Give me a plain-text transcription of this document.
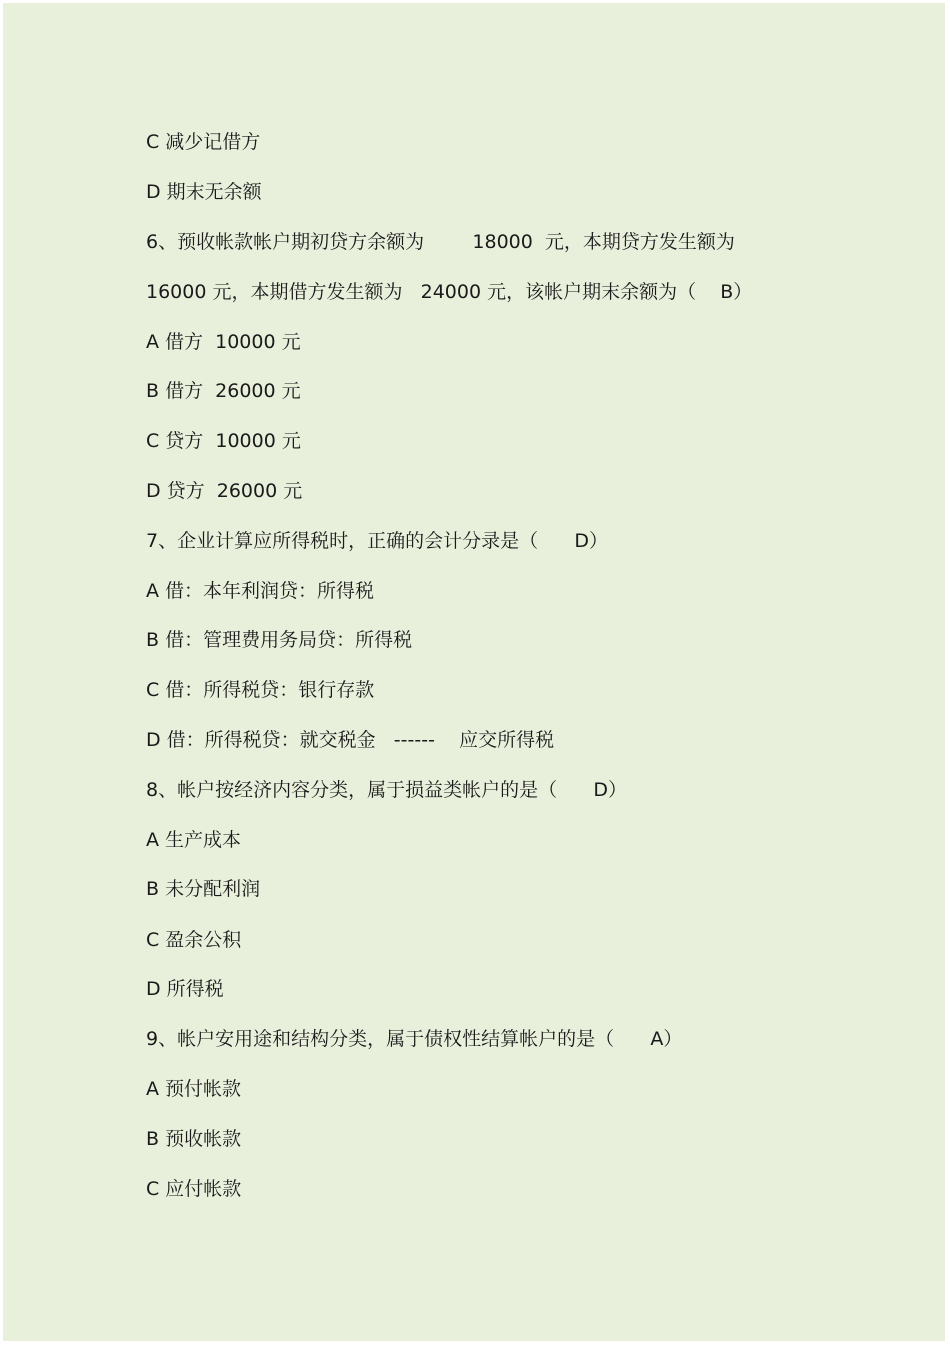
C 减少记借方
D 期末无余额
6、预收帐款帐户期初贷方余额为        18000  元，本期贷方发生额为
16000 元，本期借方发生额为   24000 元，该帐户期末余额为（    B）
A 借方  10000 元
B 借方  26000 元
C 贷方  10000 元
D 贷方  26000 元
7、企业计算应所得税时，正确的会计分录是（      D）
A 借：本年利润贷：所得税
B 借：管理费用务局贷：所得税
C 借：所得税贷：银行存款
D 借：所得税贷：就交税金   ------    应交所得税
8、帐户按经济内容分类，属于损益类帐户的是（      D）
A 生产成本
B 未分配利润
C 盈余公积
D 所得税
9、帐户安用途和结构分类，属于债权性结算帐户的是（      A）
A 预付帐款
B 预收帐款
C 应付帐款
